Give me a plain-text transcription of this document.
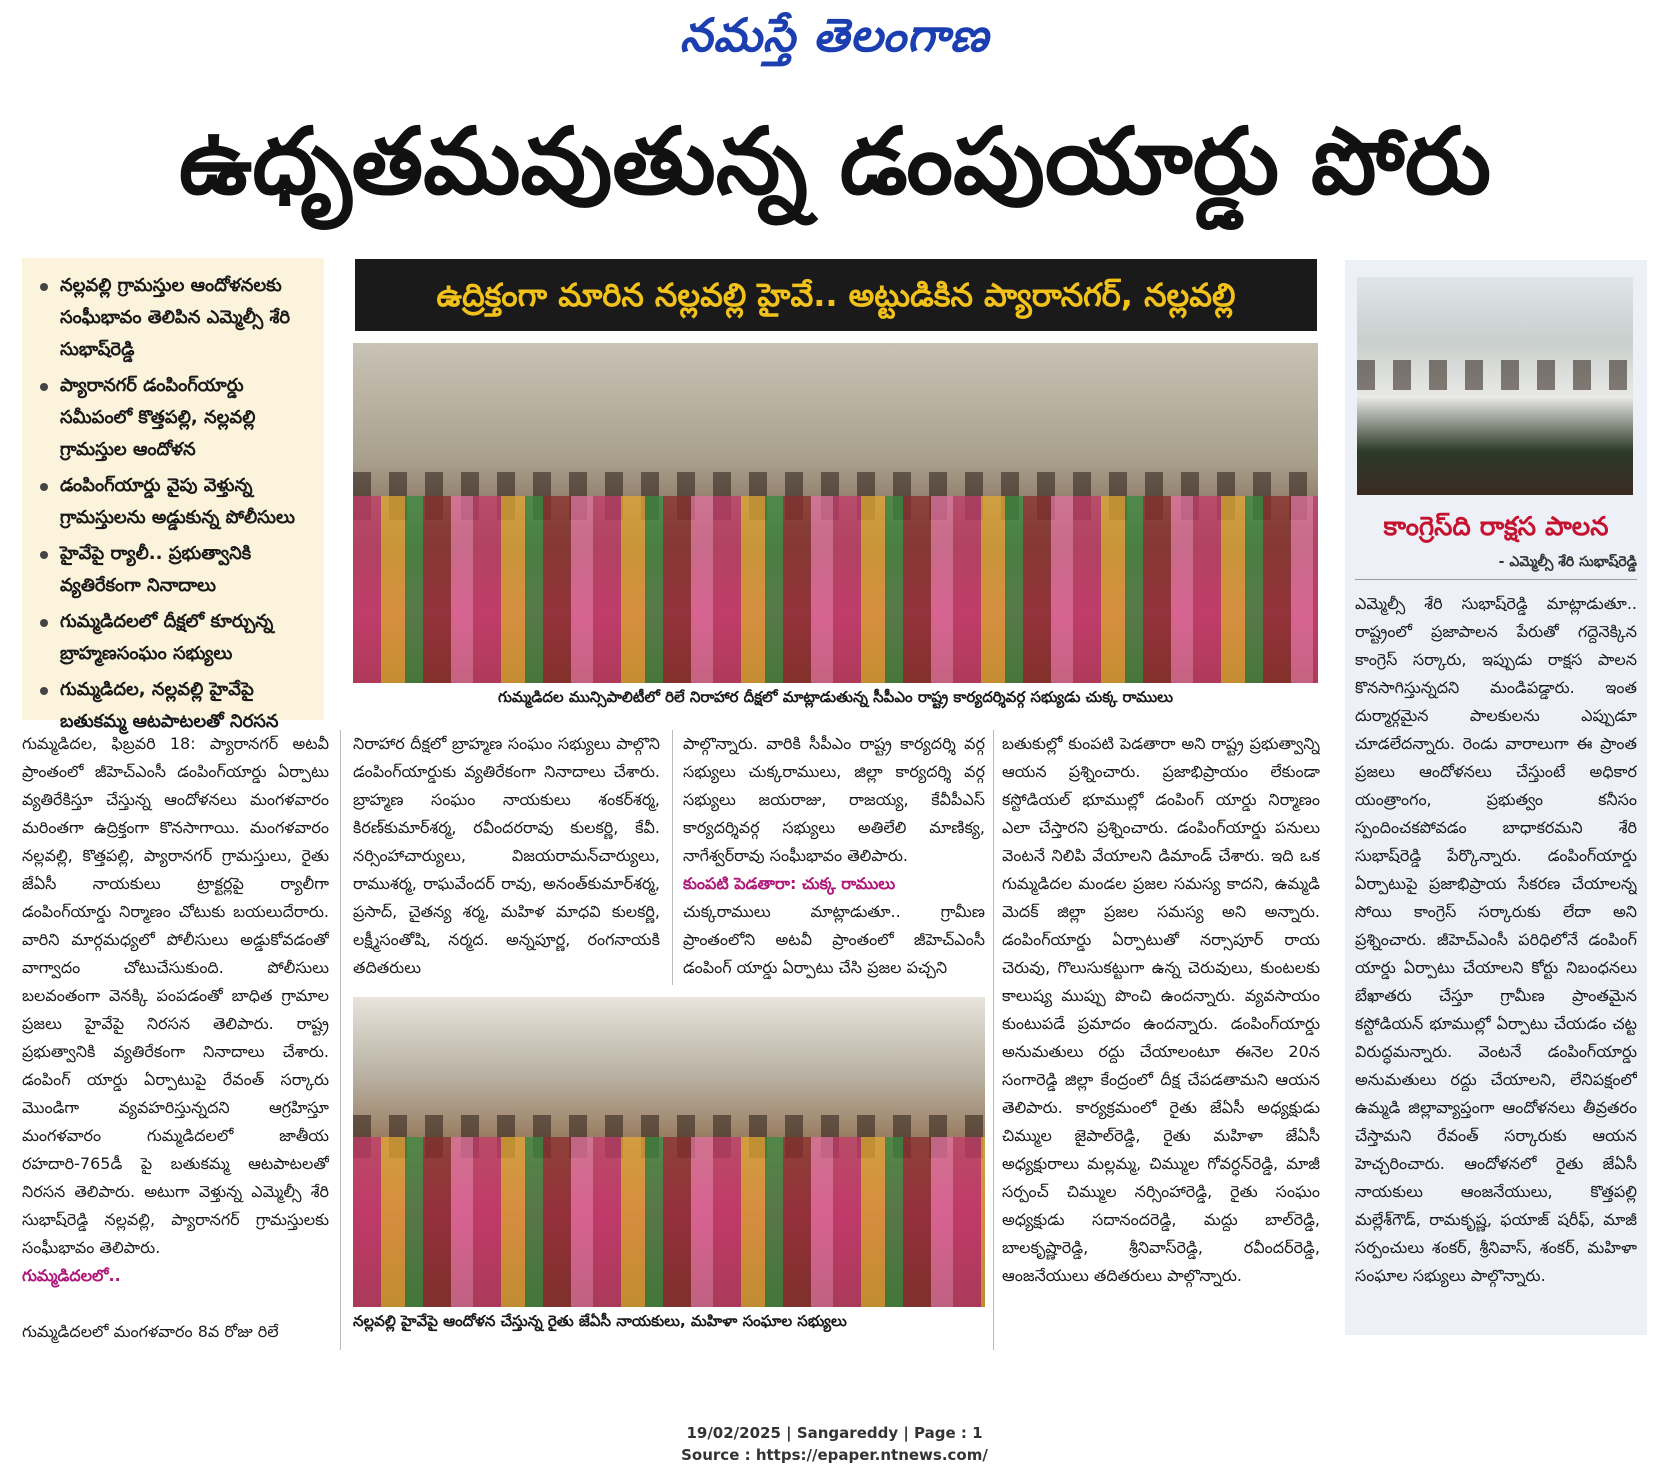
నమస్తే తెలంగాణ
ఉధృతమవుతున్న డంపుయార్డు పోరు
నల్లవల్లి గ్రామస్తుల ఆందోళనలకు సంఘీభావం తెలిపిన ఎమ్మెల్సీ శేరి సుభాష్‌రెడ్డి
ప్యారానగర్ డంపింగ్‌యార్డు సమీపంలో కొత్తపల్లి, నల్లవల్లి గ్రామస్తుల ఆందోళన
డంపింగ్‌యార్డు వైపు వెళ్తున్న గ్రామస్తులను అడ్డుకున్న పోలీసులు
హైవేపై ర్యాలీ.. ప్రభుత్వానికి వ్యతిరేకంగా నినాదాలు
గుమ్మడిదలలో దీక్షలో కూర్చున్న బ్రాహ్మణసంఘం సభ్యులు
గుమ్మడిదల, నల్లవల్లి హైవేపై బతుకమ్మ ఆటపాటలతో నిరసన
ఉద్రిక్తంగా మారిన నల్లవల్లి హైవే.. అట్టుడికిన ప్యారానగర్, నల్లవల్లి
గుమ్మడిదల మున్సిపాలిటీలో రిలే నిరాహార దీక్షలో మాట్లాడుతున్న సీపీఎం రాష్ట్ర కార్యదర్శివర్గ సభ్యుడు చుక్క రాములు
గుమ్మడిదల, ఫిబ్రవరి 18: ప్యారానగర్ అటవీ ప్రాంతంలో జీహెచ్‌ఎంసీ డంపింగ్‌యార్డు ఏర్పాటు వ్యతిరేకిస్తూ చేస్తున్న ఆందోళనలు మంగళవారం మరింతగా ఉద్రిక్తంగా కొనసాగాయి. మంగళవారం నల్లవల్లి, కొత్తపల్లి, ప్యారానగర్ గ్రామస్తులు, రైతు జేఏసీ నాయకులు ట్రాక్టర్లపై ర్యాలీగా డంపింగ్‌యార్డు నిర్మాణం చోటుకు బయలుదేరారు. వారిని మార్గమధ్యలో పోలీసులు అడ్డుకోవడంతో వాగ్వాదం చోటుచేసుకుంది. పోలీసులు బలవంతంగా వెనక్కి పంపడంతో బాధిత గ్రామాల ప్రజలు హైవేపై నిరసన తెలిపారు. రాష్ట్ర ప్రభుత్వానికి వ్యతిరేకంగా నినాదాలు చేశారు. డంపింగ్ యార్డు ఏర్పాటుపై రేవంత్ సర్కారు మొండిగా వ్యవహరిస్తున్నదని ఆగ్రహిస్తూ మంగళవారం గుమ్మడిదలలో జాతీయ రహదారి-765డీ పై బతుకమ్మ ఆటపాటలతో నిరసన తెలిపారు. అటుగా వెళ్తున్న ఎమ్మెల్సీ శేరి సుభాష్‌రెడ్డి నల్లవల్లి, ప్యారానగర్ గ్రామస్తులకు సంఘీభావం తెలిపారు.
గుమ్మడిదలలో..
గుమ్మడిదలలో మంగళవారం 8వ రోజు రిలే
నిరాహార దీక్షలో బ్రాహ్మణ సంఘం సభ్యులు పాల్గొని డంపింగ్‌యార్డుకు వ్యతిరేకంగా నినాదాలు చేశారు. బ్రాహ్మణ సంఘం నాయకులు శంకర్‌శర్మ, కిరణ్‌కుమార్‌శర్మ, రవీందరరావు కులకర్ణి, కేవీ. నర్సింహాచార్యులు, విజయరామన్‌చార్యులు, రాముశర్మ, రాఘవేందర్ రావు, అనంత్‌కుమార్‌శర్మ, ప్రసాద్, చైతన్య శర్మ, మహిళ మాధవి కులకర్ణి, లక్ష్మీసంతోషి, నర్మద. అన్నపూర్ణ, రంగనాయకి తదితరులు
పాల్గొన్నారు. వారికి సీపీఎం రాష్ట్ర కార్యదర్శి వర్గ సభ్యులు చుక్కరాములు, జిల్లా కార్యదర్శి వర్గ సభ్యులు జయరాజు, రాజయ్య, కేవీపీఎస్ కార్యదర్శివర్గ సభ్యులు అతిలేలి మాణిక్య, నాగేశ్వర్‌రావు సంఘీభావం తెలిపారు.
కుంపటి పెడతారా: చుక్క రాములు
చుక్కరాములు మాట్లాడుతూ.. గ్రామీణ ప్రాంతంలోని అటవీ ప్రాంతంలో జీహెచ్‌ఎంసీ డంపింగ్ యార్డు ఏర్పాటు చేసి ప్రజల పచ్చని
నల్లవల్లి హైవేపై ఆందోళన చేస్తున్న రైతు జేఏసీ నాయకులు, మహిళా సంఘాల సభ్యులు
బతుకుల్లో కుంపటి పెడతారా అని రాష్ట్ర ప్రభుత్వాన్ని ఆయన ప్రశ్నించారు. ప్రజాభిప్రాయం లేకుండా కస్టోడియల్ భూముల్లో డంపింగ్ యార్డు నిర్మాణం ఎలా చేస్తారని ప్రశ్నించారు. డంపింగ్‌యార్డు పనులు వెంటనే నిలిపి వేయాలని డిమాండ్ చేశారు. ఇది ఒక గుమ్మడిదల మండల ప్రజల సమస్య కాదని, ఉమ్మడి మెదక్ జిల్లా ప్రజల సమస్య అని అన్నారు. డంపింగ్‌యార్డు ఏర్పాటుతో నర్సాపూర్ రాయ చెరువు, గొలుసుకట్టుగా ఉన్న చెరువులు, కుంటలకు కాలుష్య ముప్పు పొంచి ఉందన్నారు. వ్యవసాయం కుంటుపడే ప్రమాదం ఉందన్నారు. డంపింగ్‌యార్డు అనుమతులు రద్దు చేయాలంటూ ఈనెల 20న సంగారెడ్డి జిల్లా కేంద్రంలో దీక్ష చేపడతామని ఆయన తెలిపారు. కార్యక్రమంలో రైతు జేఏసీ అధ్యక్షుడు చిమ్ముల జైపాల్‌రెడ్డి, రైతు మహిళా జేఏసీ అధ్యక్షురాలు మల్లమ్మ, చిమ్ముల గోవర్ధన్‌రెడ్డి, మాజీ సర్పంచ్ చిమ్ముల నర్సింహారెడ్డి, రైతు సంఘం అధ్యక్షుడు సదానందరెడ్డి, మద్దు బాల్‌రెడ్డి, బాలకృష్ణారెడ్డి, శ్రీనివాస్‌రెడ్డి, రవీందర్‌రెడ్డి, ఆంజనేయులు తదితరులు పాల్గొన్నారు.
కాంగ్రెస్‌ది రాక్షస పాలన
- ఎమ్మెల్సీ శేరి సుభాష్‌రెడ్డి
ఎమ్మెల్సీ శేరి సుభాష్‌రెడ్డి మాట్లాడుతూ.. రాష్ట్రంలో ప్రజాపాలన పేరుతో గద్దెనెక్కిన కాంగ్రెస్ సర్కారు, ఇప్పుడు రాక్షస పాలన కొనసాగిస్తున్నదని మండిపడ్డారు. ఇంత దుర్మార్గమైన పాలకులను ఎప్పుడూ చూడలేదన్నారు. రెండు వారాలుగా ఈ ప్రాంత ప్రజలు ఆందోళనలు చేస్తుంటే అధికార యంత్రాంగం, ప్రభుత్వం కనీసం స్పందించకపోవడం బాధాకరమని శేరి సుభాష్‌రెడ్డి పేర్కొన్నారు. డంపింగ్‌యార్డు ఏర్పాటుపై ప్రజాభిప్రాయ సేకరణ చేయాలన్న సోయి కాంగ్రెస్ సర్కారుకు లేదా అని ప్రశ్నించారు. జీహెచ్‌ఎంసీ పరిధిలోనే డంపింగ్ యార్డు ఏర్పాటు చేయాలని కోర్టు నిబంధనలు బేఖాతరు చేస్తూ గ్రామీణ ప్రాంతమైన కస్టోడియన్ భూముల్లో ఏర్పాటు చేయడం చట్ట విరుద్ధమన్నారు. వెంటనే డంపింగ్‌యార్డు అనుమతులు రద్దు చేయాలని, లేనిపక్షంలో ఉమ్మడి జిల్లావ్యాప్తంగా ఆందోళనలు తీవ్రతరం చేస్తామని రేవంత్ సర్కారుకు ఆయన హెచ్చరించారు. ఆందోళనలో రైతు జేఏసీ నాయకులు ఆంజనేయులు, కొత్తపల్లి మల్లేశ్‌గౌడ్, రామకృష్ణ, ఫయాజ్ షరీఫ్, మాజీ సర్పంచులు శంకర్, శ్రీనివాస్, శంకర్, మహిళా సంఘాల సభ్యులు పాల్గొన్నారు.
19/02/2025 | Sangareddy | Page : 1
Source : https://epaper.ntnews.com/
